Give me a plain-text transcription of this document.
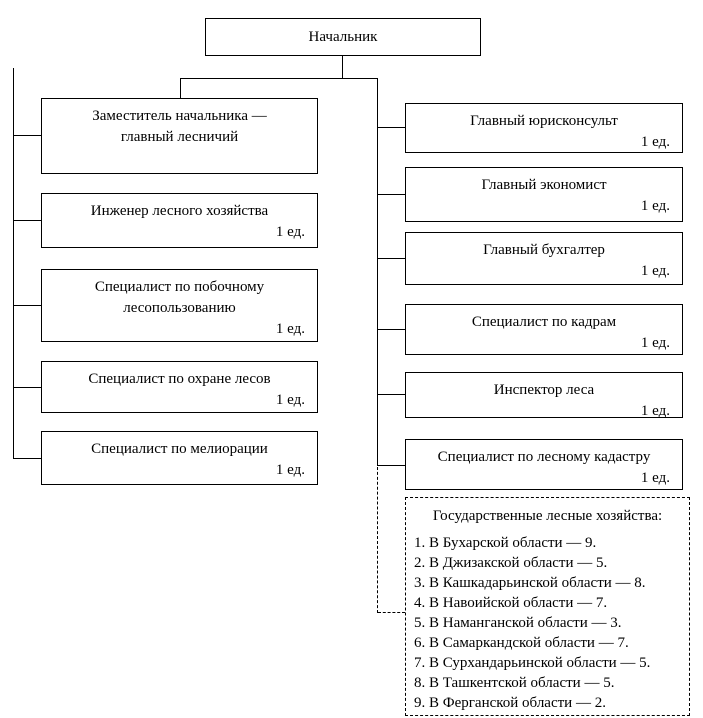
Начальник
Заместитель начальника —
главный лесничий
Инженер лесного хозяйства
1 ед.
Специалист по побочному
лесопользованию
1 ед.
Специалист по охране лесов
1 ед.
Специалист по мелиорации
1 ед.
Главный юрисконсульт
1 ед.
Главный экономист
1 ед.
Главный бухгалтер
1 ед.
Специалист по кадрам
1 ед.
Инспектор леса
1 ед.
Специалист по лесному кадастру
1 ед.
Государственные лесные хозяйства:
1. В Бухарской области — 9.
2. В Джизакской области — 5.
3. В Кашкадарьинской области — 8.
4. В Навоийской области — 7.
5. В Наманганской области — 3.
6. В Самаркандской области — 7.
7. В Сурхандарьинской области — 5.
8. В Ташкентской области — 5.
9. В Ферганской области — 2.
